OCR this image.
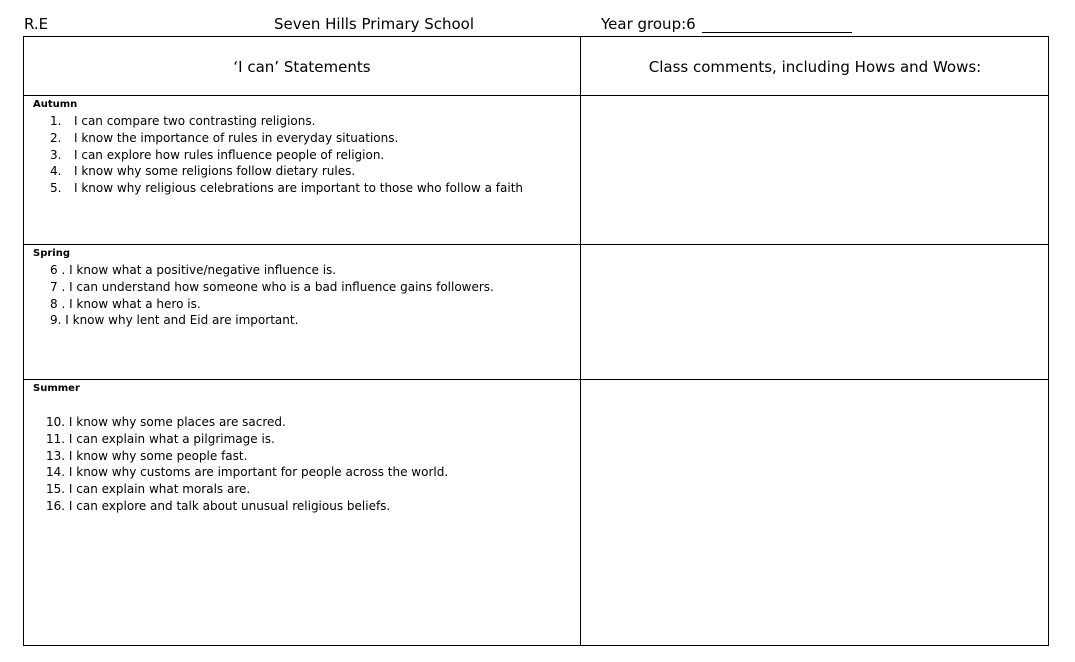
R.E	Seven Hills Primary School	Year group:6
‘I can’ Statements	Class comments, including Hows and Wows:
Autumn
1. I can compare two contrasting religions.
2. I know the importance of rules in everyday situations.
3. I can explore how rules influence people of religion.
4. I know why some religions follow dietary rules.
5. I know why religious celebrations are important to those who follow a faith
Spring
6 . I know what a positive/negative influence is.
7 . I can understand how someone who is a bad influence gains followers.
8 . I know what a hero is.
9. I know why lent and Eid are important.
Summer
10. I know why some places are sacred.
11. I can explain what a pilgrimage is.
13. I know why some people fast.
14. I know why customs are important for people across the world.
15. I can explain what morals are.
16. I can explore and talk about unusual religious beliefs.
